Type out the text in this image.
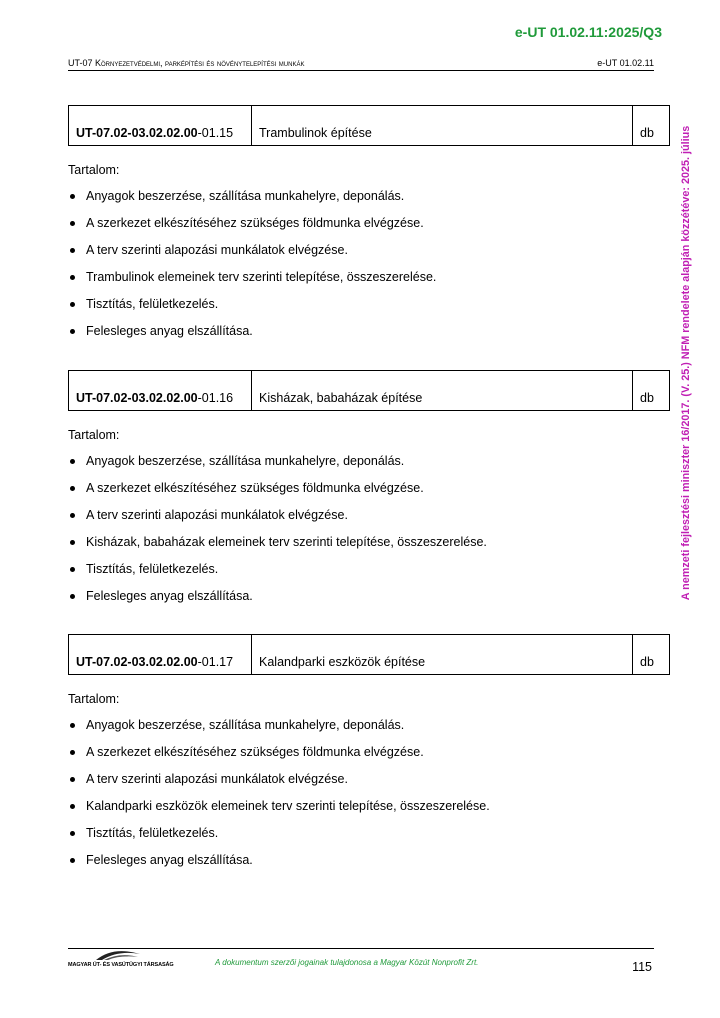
e-UT 01.02.11:2025/Q3
UT-07 Környezetvédelmi, parképítési és növénytelepítési munkák	e-UT 01.02.11
A nemzeti fejlesztési miniszter 16/2017. (V. 25.) NFM rendelete alapján közzétéve: 2025. július
UT-07.02-03.02.02.00-01.15	Trambulinok építése	db

Tartalom:

Anyagok beszerzése, szállítása munkahelyre, deponálás.
A szerkezet elkészítéséhez szükséges földmunka elvégzése.
A terv szerinti alapozási munkálatok elvégzése.
Trambulinok elemeinek terv szerinti telepítése, összeszerelése.
Tisztítás, felületkezelés.
Felesleges anyag elszállítása.
UT-07.02-03.02.02.00-01.16	Kisházak, babaházak építése	db

Tartalom:

Anyagok beszerzése, szállítása munkahelyre, deponálás.
A szerkezet elkészítéséhez szükséges földmunka elvégzése.
A terv szerinti alapozási munkálatok elvégzése.
Kisházak, babaházak elemeinek terv szerinti telepítése, összeszerelése.
Tisztítás, felületkezelés.
Felesleges anyag elszállítása.
UT-07.02-03.02.02.00-01.17	Kalandparki eszközök építése	db

Tartalom:

Anyagok beszerzése, szállítása munkahelyre, deponálás.
A szerkezet elkészítéséhez szükséges földmunka elvégzése.
A terv szerinti alapozási munkálatok elvégzése.
Kalandparki eszközök elemeinek terv szerinti telepítése, összeszerelése.
Tisztítás, felületkezelés.
Felesleges anyag elszállítása.
MAGYAR ÚT- ÉS VASÚTÜGYI TÁRSASÁG	A dokumentum szerzői jogainak tulajdonosa a Magyar Közút Nonprofit Zrt.	115
